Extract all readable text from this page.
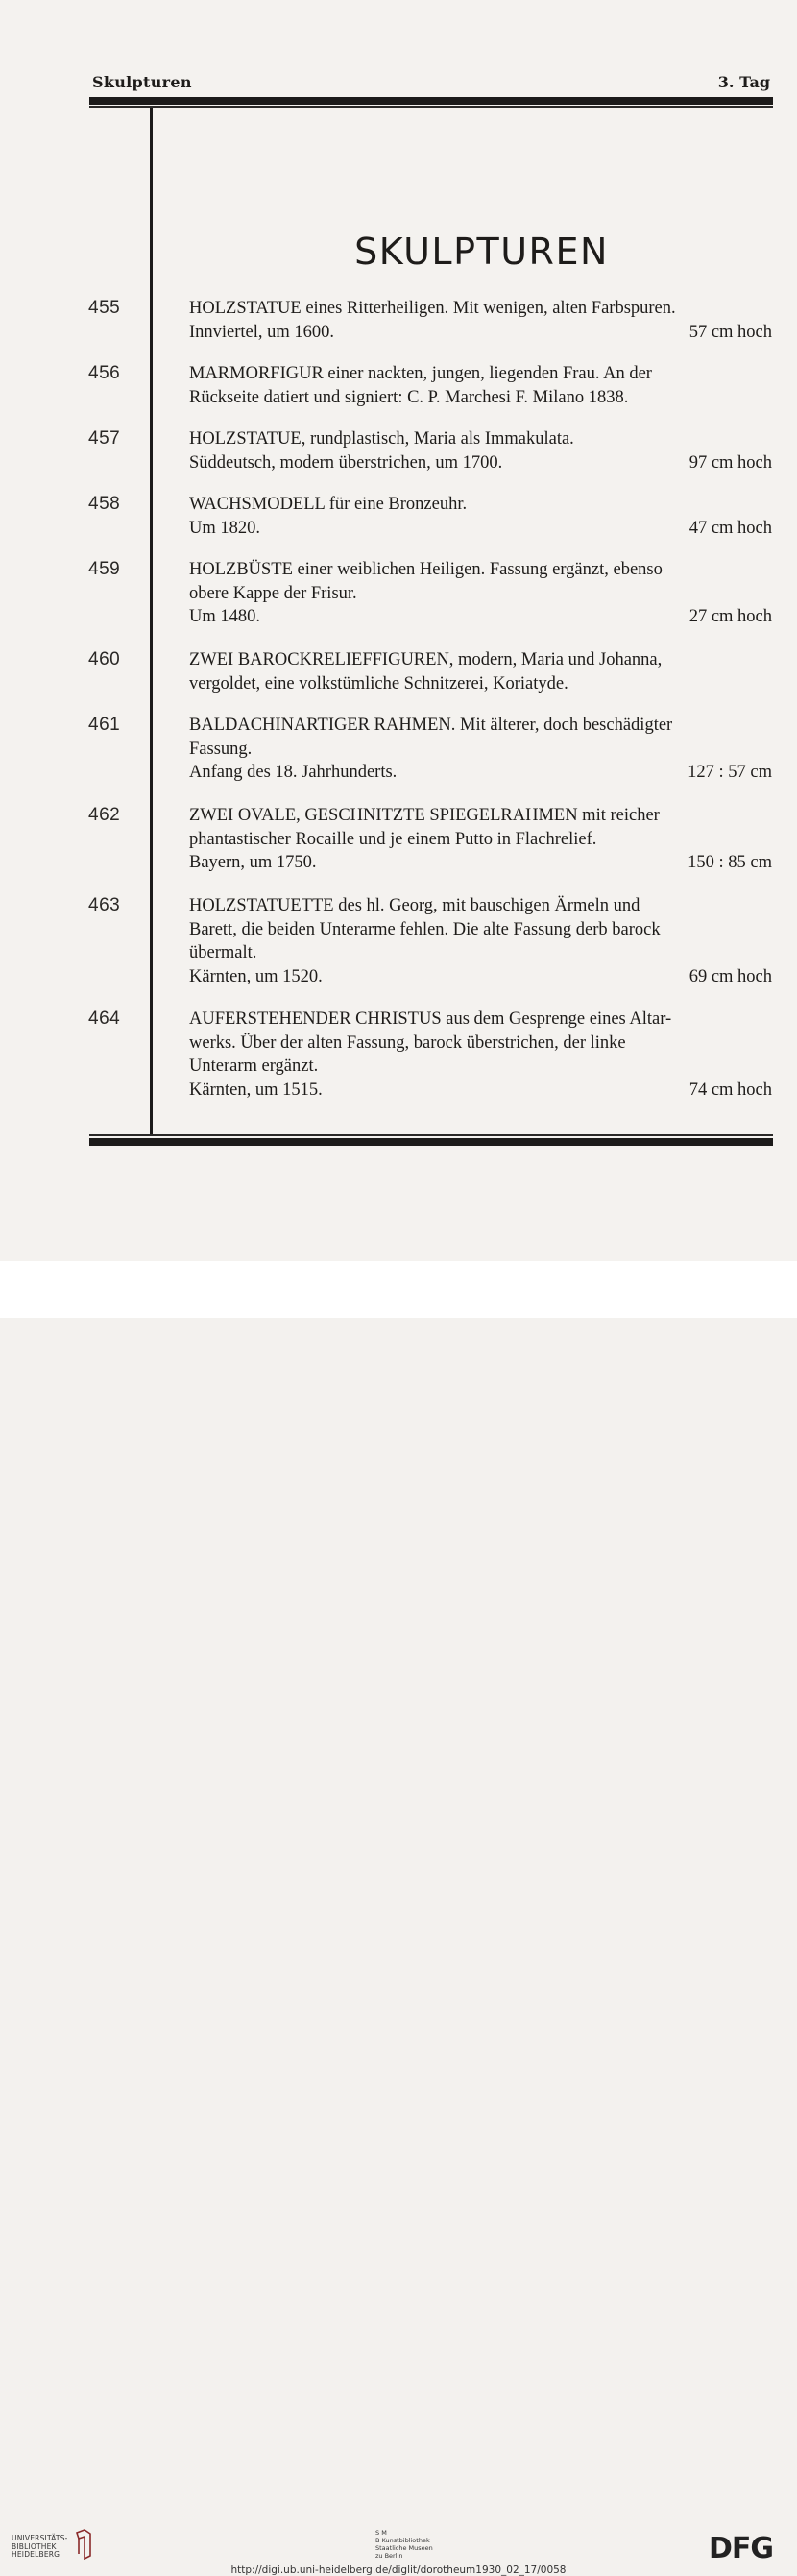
Skulpturen	3. Tag
SKULPTUREN
455	HOLZSTATUE eines Ritterheiligen. Mit wenigen, alten Farbspuren.
Innviertel, um 1600.	57 cm hoch
456	MARMORFIGUR einer nackten, jungen, liegenden Frau. An der
Rückseite datiert und signiert: C. P. Marchesi F. Milano 1838.
457	HOLZSTATUE, rundplastisch, Maria als Immakulata.
Süddeutsch, modern überstrichen, um 1700.	97 cm hoch
458	WACHSMODELL für eine Bronzeuhr.
Um 1820.	47 cm hoch
459	HOLZBÜSTE einer weiblichen Heiligen. Fassung ergänzt, ebenso
obere Kappe der Frisur.
Um 1480.	27 cm hoch
460	ZWEI BAROCKRELIEFFIGUREN, modern, Maria und Johanna,
vergoldet, eine volkstümliche Schnitzerei, Koriatyde.
461	BALDACHINARTIGER RAHMEN. Mit älterer, doch beschädigter
Fassung.
Anfang des 18. Jahrhunderts.	127 : 57 cm
462	ZWEI OVALE, GESCHNITZTE SPIEGELRAHMEN mit reicher
phantastischer Rocaille und je einem Putto in Flachrelief.
Bayern, um 1750.	150 : 85 cm
463	HOLZSTATUETTE des hl. Georg, mit bauschigen Ärmeln und
Barett, die beiden Unterarme fehlen. Die alte Fassung derb barock
übermalt.
Kärnten, um 1520.	69 cm hoch
464	AUFERSTEHENDER CHRISTUS aus dem Gesprenge eines Altar-
werks. Über der alten Fassung, barock überstrichen, der linke
Unterarm ergänzt.
Kärnten, um 1515.	74 cm hoch
UNIVERSITÄTS-
BIBLIOTHEK
HEIDELBERG
S M
B Kunstbibliothek
Staatliche Museen
zu Berlin	DFG
http://digi.ub.uni-heidelberg.de/diglit/dorotheum1930_02_17/0058
